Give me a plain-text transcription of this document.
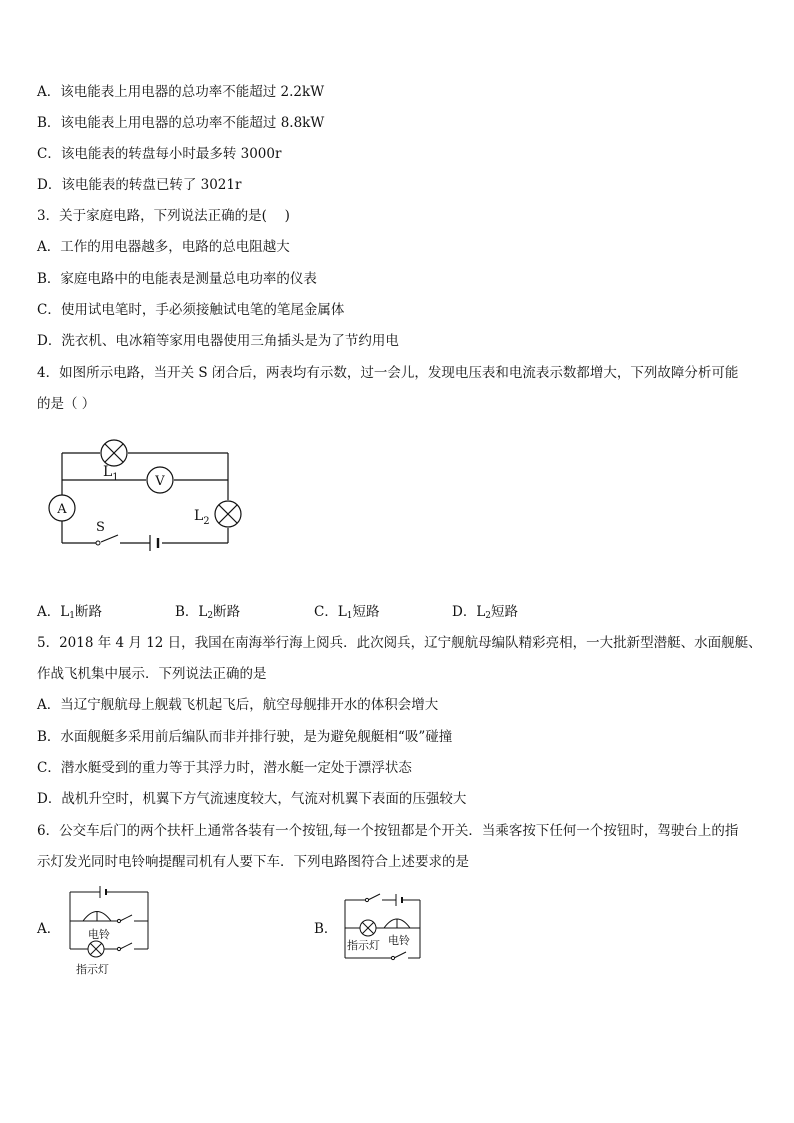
A．该电能表上用电器的总功率不能超过 2.2kW
B．该电能表上用电器的总功率不能超过 8.8kW
C．该电能表的转盘每小时最多转 3000r
D．该电能表的转盘已转了 3021r
3．关于家庭电路，下列说法正确的是(　 )
A．工作的用电器越多，电路的总电阻越大
B．家庭电路中的电能表是测量总电功率的仪表
C．使用试电笔时，手必须接触试电笔的笔尾金属体
D．洗衣机、电冰箱等家用电器使用三角插头是为了节约用电
4．如图所示电路，当开关 S 闭合后，两表均有示数，过一会儿，发现电压表和电流表示数都增大，下列故障分析可能
的是（ ）
V
A
$L_1$
$L_2$
S
A．$L_1$断路	B．$L_2$断路	C．$L_1$短路	D．$L_2$短路
5．2018 年 4 月 12 日，我国在南海举行海上阅兵．此次阅兵，辽宁舰航母编队精彩亮相，一大批新型潜艇、水面舰艇、
作战飞机集中展示．下列说法正确的是
A．当辽宁舰航母上舰载飞机起飞后，航空母舰排开水的体积会增大
B．水面舰艇多采用前后编队而非并排行驶，是为避免舰艇相“吸”碰撞
C．潜水艇受到的重力等于其浮力时，潜水艇一定处于漂浮状态
D．战机升空时，机翼下方气流速度较大，气流对机翼下表面的压强较大
6．公交车后门的两个扶杆上通常各装有一个按钮,每一个按钮都是个开关．当乘客按下任何一个按钮时，驾驶台上的指
示灯发光同时电铃响提醒司机有人要下车．下列电路图符合上述要求的是
A．	B．
电铃
指示灯
指示灯 电铃
